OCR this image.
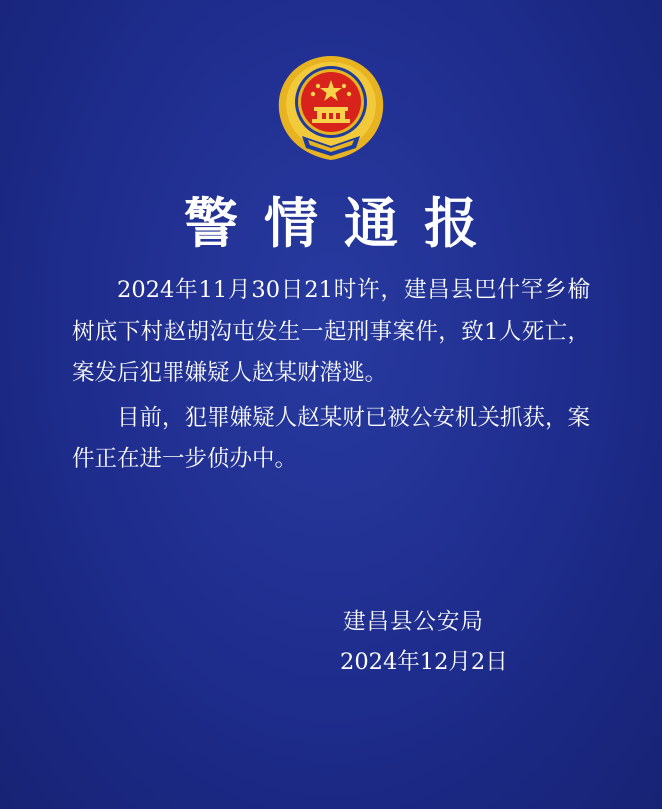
警情通报

2024年11月30日21时许，建昌县巴什罕乡榆树底下村赵胡沟屯发生一起刑事案件，致1人死亡，案发后犯罪嫌疑人赵某财潜逃。

目前，犯罪嫌疑人赵某财已被公安机关抓获，案件正在进一步侦办中。

建昌县公安局
2024年12月2日
